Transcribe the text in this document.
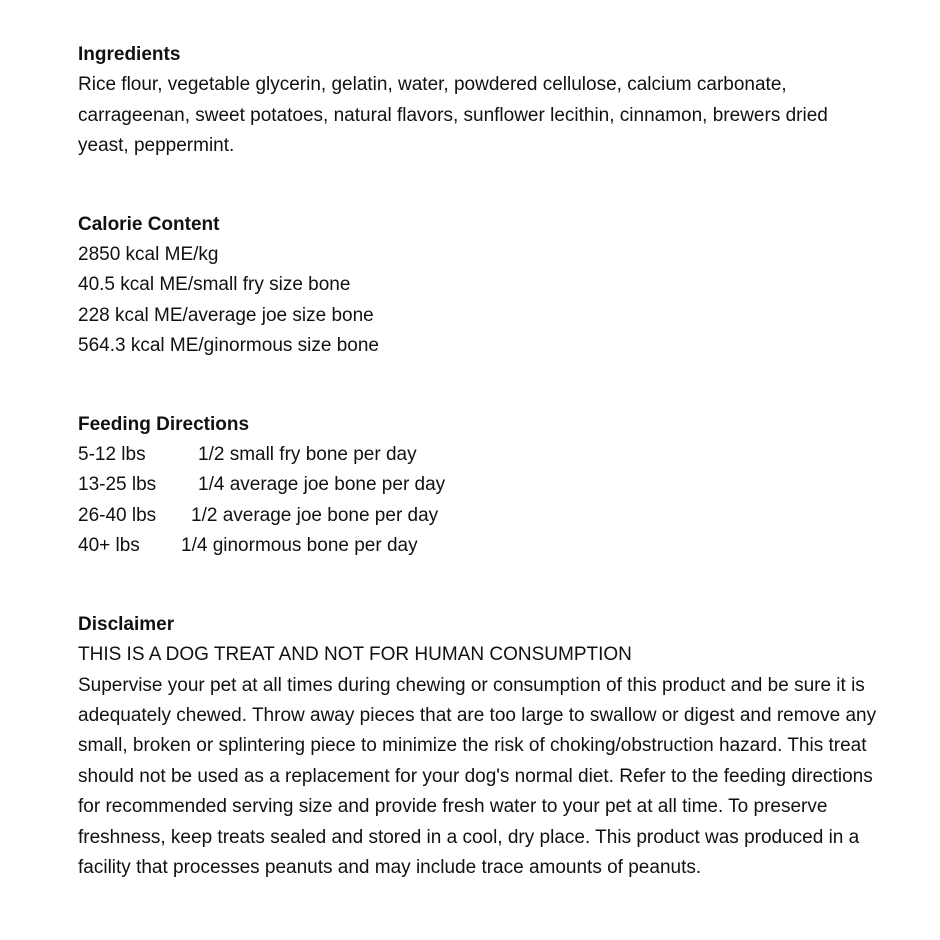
Ingredients
Rice flour, vegetable glycerin, gelatin, water, powdered cellulose, calcium carbonate, carrageenan, sweet potatoes, natural flavors, sunflower lecithin, cinnamon, brewers dried yeast, peppermint.
Calorie Content
2850 kcal ME/kg
40.5 kcal ME/small fry size bone
228 kcal ME/average joe size bone
564.3 kcal ME/ginormous size bone
Feeding Directions
5-12 lbs	1/2 small fry bone per day
13-25 lbs 1/4 average joe bone per day
26-40 lbs 1/2 average joe bone per day
40+ lbs 1/4 ginormous bone per day
Disclaimer
THIS IS A DOG TREAT AND NOT FOR HUMAN CONSUMPTION
Supervise your pet at all times during chewing or consumption of this product and be sure it is adequately chewed. Throw away pieces that are too large to swallow or digest and remove any small, broken or splintering piece to minimize the risk of choking/obstruction hazard. This treat should not be used as a replacement for your dog's normal diet. Refer to the feeding directions for recommended serving size and provide fresh water to your pet at all time. To preserve freshness, keep treats sealed and stored in a cool, dry place. This product was produced in a facility that processes peanuts and may include trace amounts of peanuts.
